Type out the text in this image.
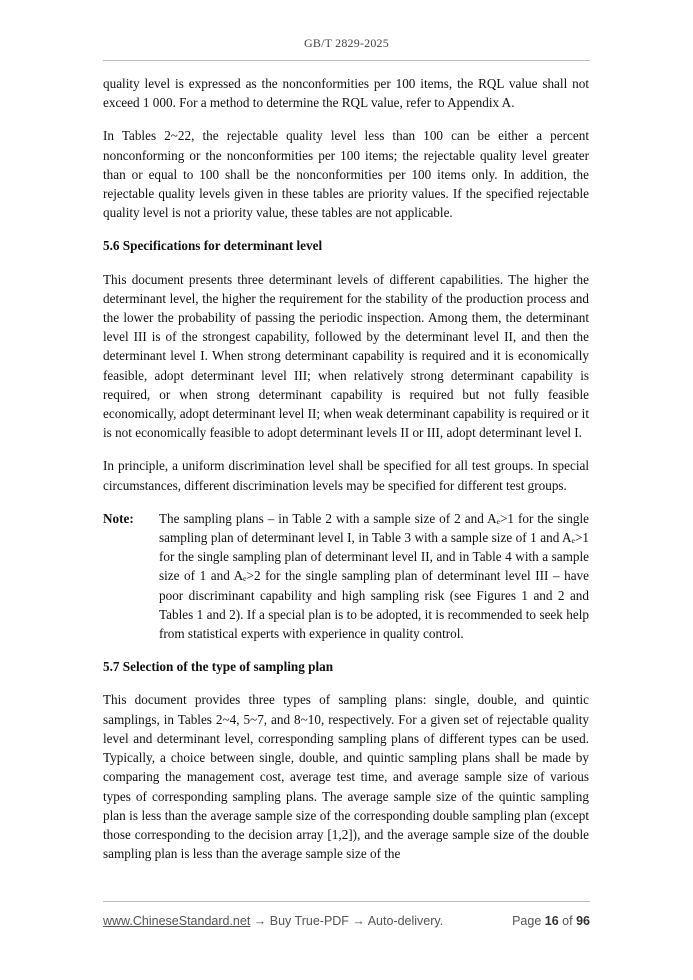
GB/T 2829-2025

quality level is expressed as the nonconformities per 100 items, the RQL value shall not exceed 1 000. For a method to determine the RQL value, refer to Appendix A.

In Tables 2~22, the rejectable quality level less than 100 can be either a percent nonconforming or the nonconformities per 100 items; the rejectable quality level greater than or equal to 100 shall be the nonconformities per 100 items only. In addition, the rejectable quality levels given in these tables are priority values. If the specified rejectable quality level is not a priority value, these tables are not applicable.

5.6 Specifications for determinant level

This document presents three determinant levels of different capabilities. The higher the determinant level, the higher the requirement for the stability of the production process and the lower the probability of passing the periodic inspection. Among them, the determinant level III is of the strongest capability, followed by the determinant level II, and then the determinant level I. When strong determinant capability is required and it is economically feasible, adopt determinant level III; when relatively strong determinant capability is required, or when strong determinant capability is required but not fully feasible economically, adopt determinant level II; when weak determinant capability is required or it is not economically feasible to adopt determinant levels II or III, adopt determinant level I.

In principle, a uniform discrimination level shall be specified for all test groups. In special circumstances, different discrimination levels may be specified for different test groups.

Note:	The sampling plans – in Table 2 with a sample size of 2 and Aₑ>1 for the single sampling plan of determinant level I, in Table 3 with a sample size of 1 and Aₑ>1 for the single sampling plan of determinant level II, and in Table 4 with a sample size of 1 and Aₑ>2 for the single sampling plan of determinant level III – have poor discriminant capability and high sampling risk (see Figures 1 and 2 and Tables 1 and 2). If a special plan is to be adopted, it is recommended to seek help from statistical experts with experience in quality control.
5.7 Selection of the type of sampling plan

This document provides three types of sampling plans: single, double, and quintic samplings, in Tables 2~4, 5~7, and 8~10, respectively. For a given set of rejectable quality level and determinant level, corresponding sampling plans of different types can be used. Typically, a choice between single, double, and quintic sampling plans shall be made by comparing the management cost, average test time, and average sample size of various types of corresponding sampling plans. The average sample size of the quintic sampling plan is less than the average sample size of the corresponding double sampling plan (except those corresponding to the decision array [1,2]), and the average sample size of the double sampling plan is less than the average sample size of the

www.ChineseStandard.net → Buy True-PDF → Auto-delivery.	Page 16 of 96
